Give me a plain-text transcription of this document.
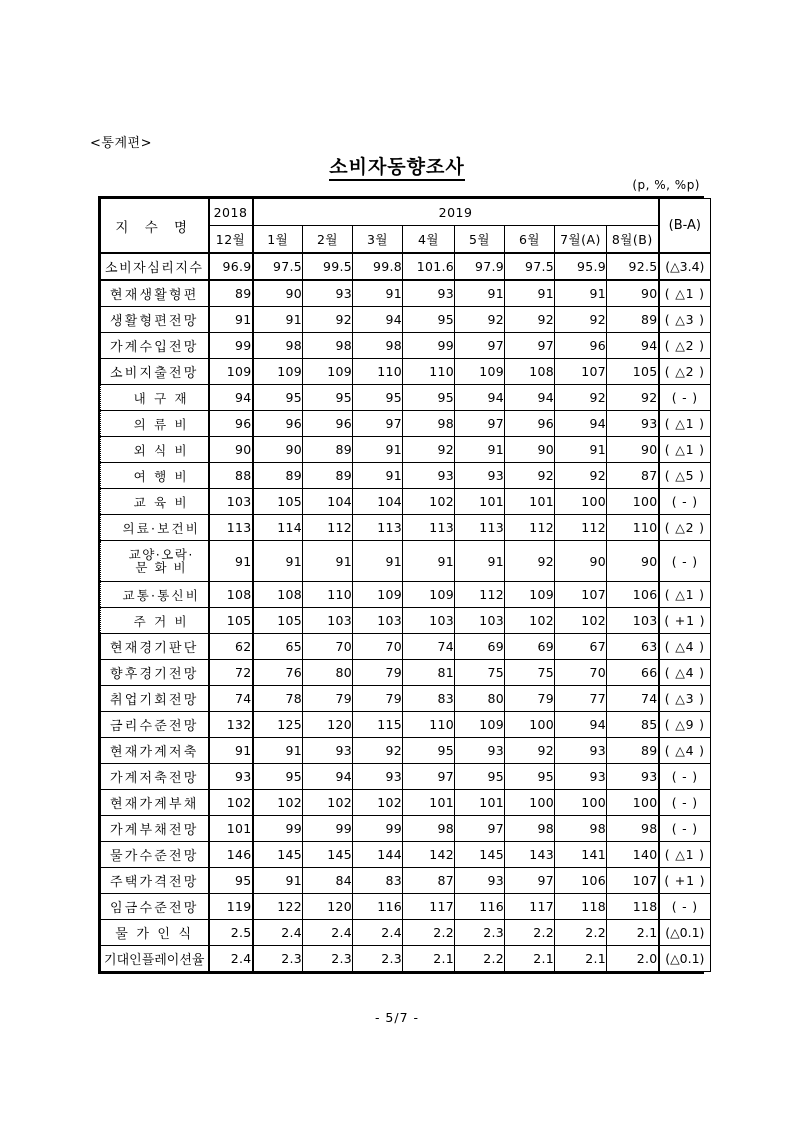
<통계편>
소비자동향조사
(p, %, %p)
지 수 명	2018	2019								(B-A)
	12월	1월	2월	3월	4월	5월	6월	7월(A)	8월(B)	
소비자심리지수	96.9	97.5	99.5	99.8	101.6	97.9	97.5	95.9	92.5	(△3.4)
현재생활형편	89	90	93	91	93	91	91	91	90	( △1 )
생활형편전망	91	91	92	94	95	92	92	92	89	( △3 )
가계수입전망	99	98	98	98	99	97	97	96	94	( △2 )
소비지출전망	109	109	109	110	110	109	108	107	105	( △2 )
내 구 재	94	95	95	95	95	94	94	92	92	( - )
의 류 비	96	96	96	97	98	97	96	94	93	( △1 )
외 식 비	90	90	89	91	92	91	90	91	90	( △1 )
여 행 비	88	89	89	91	93	93	92	92	87	( △5 )
교 육 비	103	105	104	104	102	101	101	100	100	( - )
의료·보건비	113	114	112	113	113	113	112	112	110	( △2 )

교양·오락·
문 화 비	91	91	91	91	91	91	92	90	90	( - )
교통·통신비	108	108	110	109	109	112	109	107	106	( △1 )
주 거 비	105	105	103	103	103	103	102	102	103	( +1 )
현재경기판단	62	65	70	70	74	69	69	67	63	( △4 )
향후경기전망	72	76	80	79	81	75	75	70	66	( △4 )
취업기회전망	74	78	79	79	83	80	79	77	74	( △3 )
금리수준전망	132	125	120	115	110	109	100	94	85	( △9 )
현재가계저축	91	91	93	92	95	93	92	93	89	( △4 )
가계저축전망	93	95	94	93	97	95	95	93	93	( - )
현재가계부채	102	102	102	102	101	101	100	100	100	( - )
가계부채전망	101	99	99	99	98	97	98	98	98	( - )
물가수준전망	146	145	145	144	142	145	143	141	140	( △1 )
주택가격전망	95	91	84	83	87	93	97	106	107	( +1 )
임금수준전망	119	122	120	116	117	116	117	118	118	( - )
물 가 인 식	2.5	2.4	2.4	2.4	2.2	2.3	2.2	2.2	2.1	(△0.1)
기대인플레이션율	2.4	2.3	2.3	2.3	2.1	2.2	2.1	2.1	2.0	(△0.1)
- 5/7 -
